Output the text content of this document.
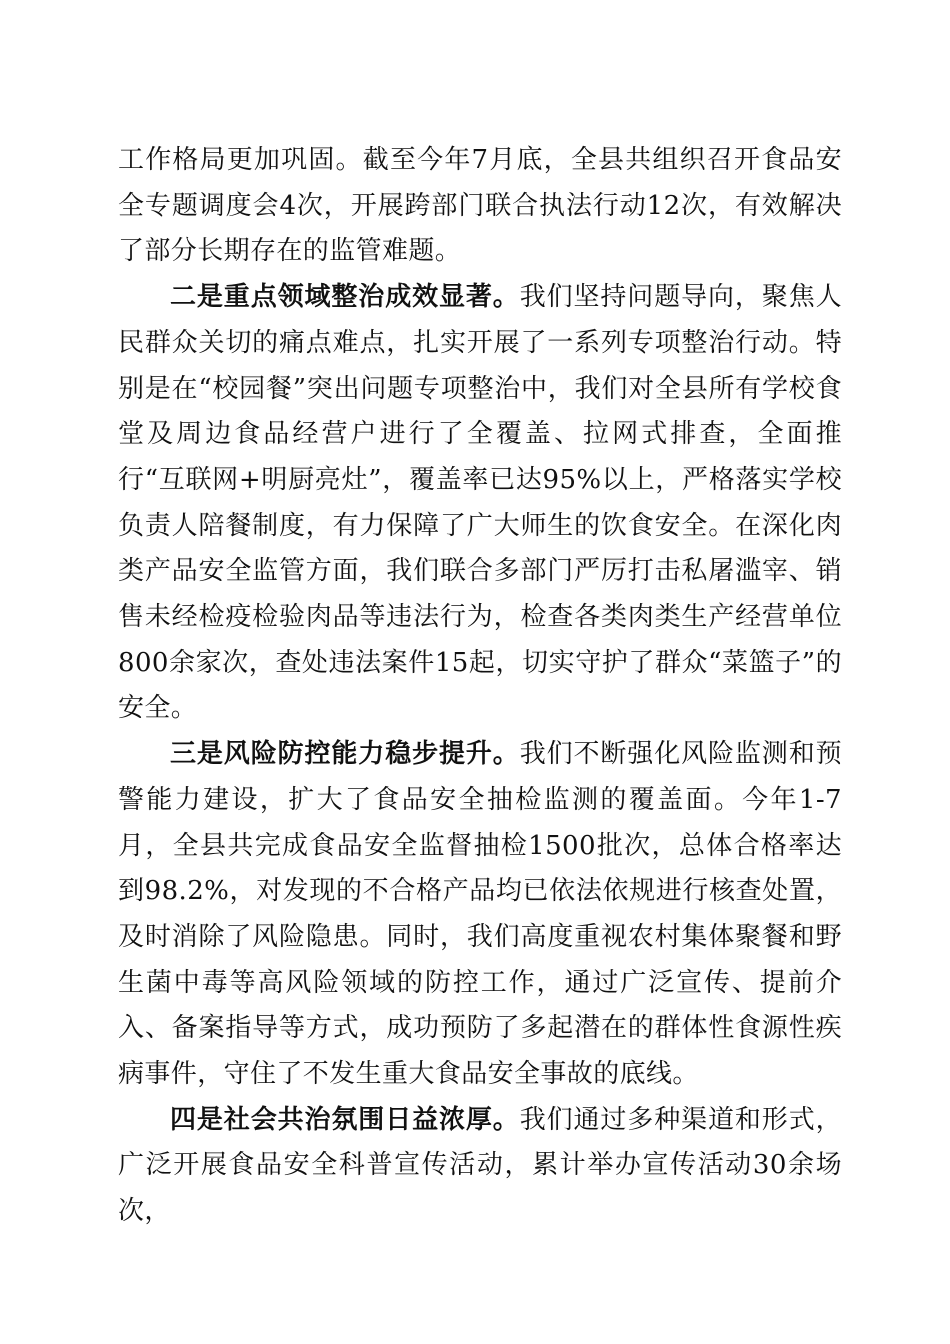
工作格局更加巩固。截至今年7月底，全县共组织召开食品安全专题调度会4次，开展跨部门联合执法行动12次，有效解决了部分长期存在的监管难题。

二是重点领域整治成效显著。我们坚持问题导向，聚焦人民群众关切的痛点难点，扎实开展了一系列专项整治行动。特别是在“校园餐”突出问题专项整治中，我们对全县所有学校食堂及周边食品经营户进行了全覆盖、拉网式排查，全面推行“互联网+明厨亮灶”，覆盖率已达95%以上，严格落实学校负责人陪餐制度，有力保障了广大师生的饮食安全。在深化肉类产品安全监管方面，我们联合多部门严厉打击私屠滥宰、销售未经检疫检验肉品等违法行为，检查各类肉类生产经营单位800余家次，查处违法案件15起，切实守护了群众“菜篮子”的安全。

三是风险防控能力稳步提升。我们不断强化风险监测和预警能力建设，扩大了食品安全抽检监测的覆盖面。今年1-7月，全县共完成食品安全监督抽检1500批次，总体合格率达到98.2%，对发现的不合格产品均已依法依规进行核查处置，及时消除了风险隐患。同时，我们高度重视农村集体聚餐和野生菌中毒等高风险领域的防控工作，通过广泛宣传、提前介入、备案指导等方式，成功预防了多起潜在的群体性食源性疾病事件，守住了不发生重大食品安全事故的底线。

四是社会共治氛围日益浓厚。我们通过多种渠道和形式，广泛开展食品安全科普宣传活动，累计举办宣传活动30余场次，
